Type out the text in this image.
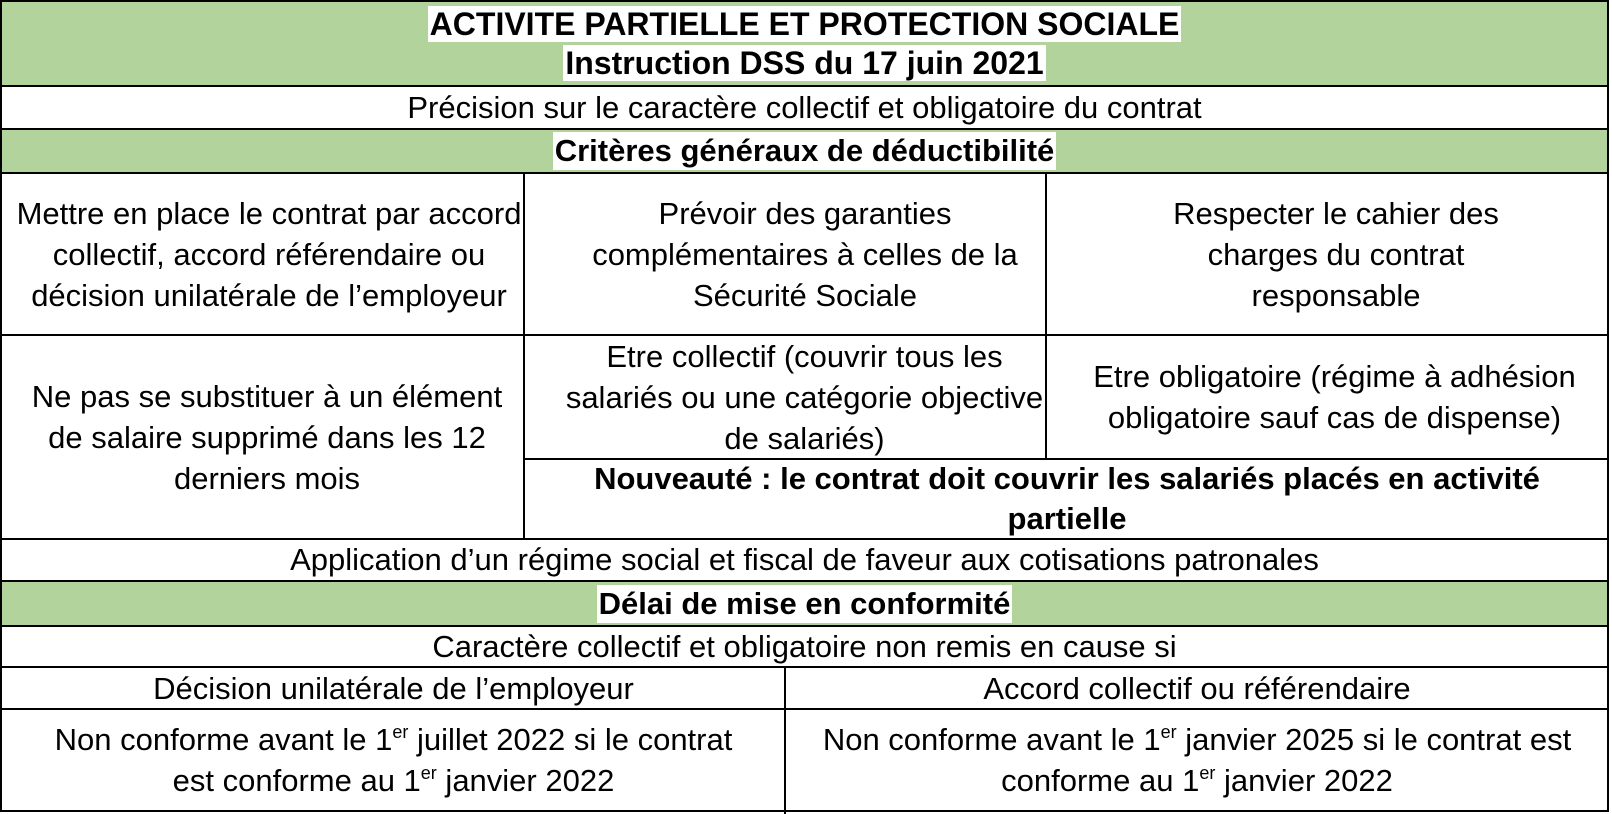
ACTIVITE PARTIELLE ET PROTECTION SOCIALE
Instruction DSS du 17 juin 2021
Précision sur le caractère collectif et obligatoire du contrat
Critères généraux de déductibilité
Mettre en place le contrat par accord collectif, accord référendaire ou décision unilatérale de l’employeur
Prévoir des garanties complémentaires à celles de la Sécurité Sociale
Respecter le cahier des charges du contrat responsable
Ne pas se substituer à un élément de salaire supprimé dans les 12 derniers mois
Etre collectif (couvrir tous les salariés ou une catégorie objective de salariés)
Etre obligatoire (régime à adhésion obligatoire sauf cas de dispense)
Nouveauté : le contrat doit couvrir les salariés placés en activité partielle
Application d’un régime social et fiscal de faveur aux cotisations patronales
Délai de mise en conformité
Caractère collectif et obligatoire non remis en cause si
Décision unilatérale de l’employeur	Accord collectif ou référendaire
Non conforme avant le 1er juillet 2022 si le contrat est conforme au 1er janvier 2022
Non conforme avant le 1er janvier 2025 si le contrat est conforme au 1er janvier 2022
